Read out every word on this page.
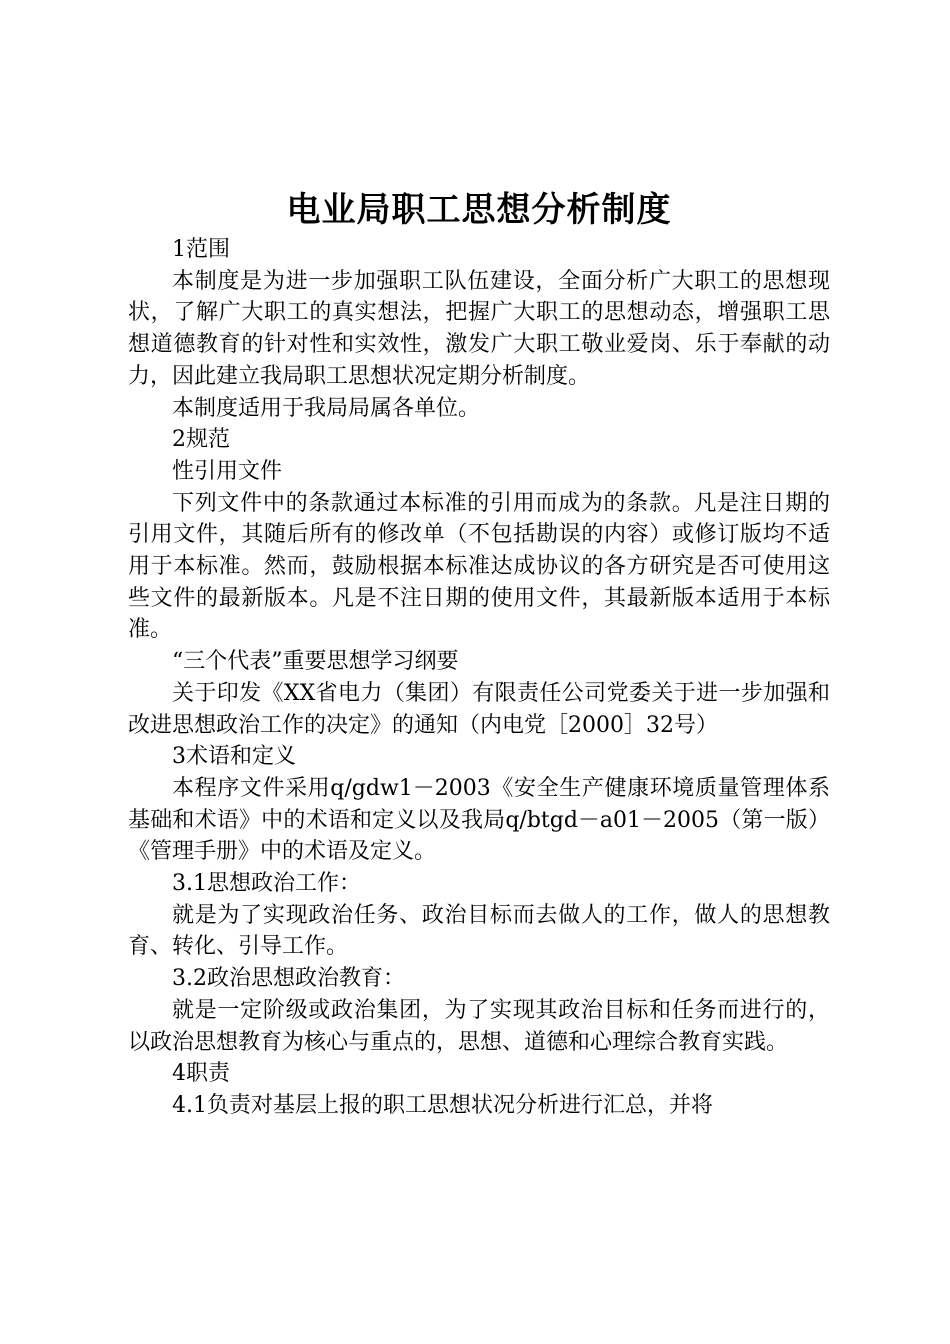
电业局职工思想分析制度

1范围

本制度是为进一步加强职工队伍建设，全面分析广大职工的思想现状，了解广大职工的真实想法，把握广大职工的思想动态，增强职工思想道德教育的针对性和实效性，激发广大职工敬业爱岗、乐于奉献的动力，因此建立我局职工思想状况定期分析制度。

本制度适用于我局局属各单位。

2规范

性引用文件

下列文件中的条款通过本标准的引用而成为的条款。凡是注日期的引用文件，其随后所有的修改单（不包括勘误的内容）或修订版均不适用于本标准。然而，鼓励根据本标准达成协议的各方研究是否可使用这些文件的最新版本。凡是不注日期的使用文件，其最新版本适用于本标准。

“三个代表”重要思想学习纲要

关于印发《XX省电力（集团）有限责任公司党委关于进一步加强和改进思想政治工作的决定》的通知（内电党［2000］32号）

3术语和定义

本程序文件采用q/gdw1－2003《安全生产健康环境质量管理体系基础和术语》中的术语和定义以及我局q/btgd－a01－2005（第一版）《管理手册》中的术语及定义。

3.1思想政治工作：

就是为了实现政治任务、政治目标而去做人的工作，做人的思想教育、转化、引导工作。

3.2政治思想政治教育：

就是一定阶级或政治集团，为了实现其政治目标和任务而进行的，以政治思想教育为核心与重点的，思想、道德和心理综合教育实践。

4职责

4.1负责对基层上报的职工思想状况分析进行汇总，并将
